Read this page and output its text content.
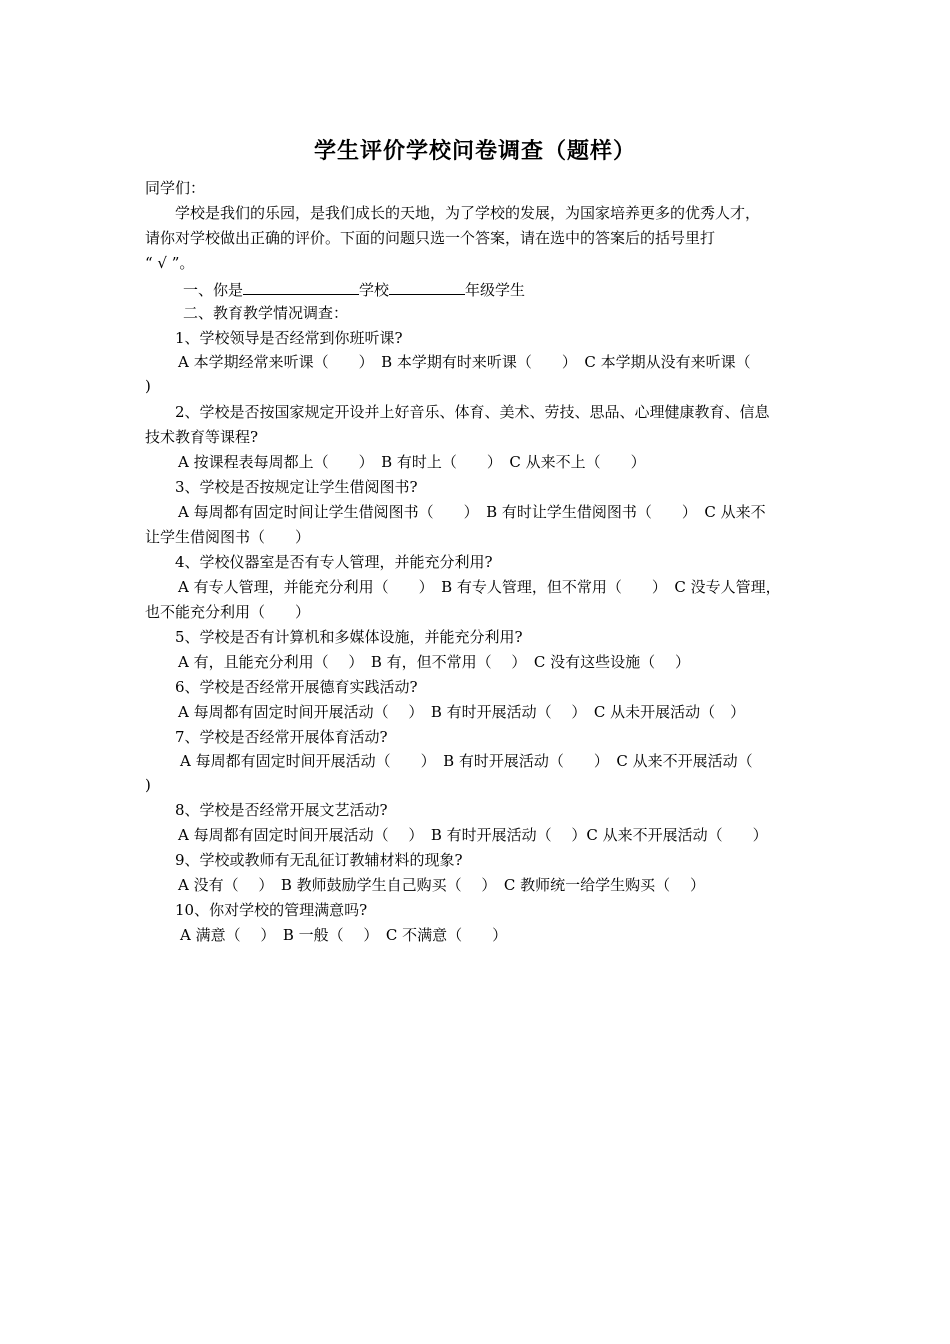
学生评价学校问卷调查（题样）
同学们：
学校是我们的乐园，是我们成长的天地，为了学校的发展，为国家培养更多的优秀人才，
请你对学校做出正确的评价。下面的问题只选一个答案，请在选中的答案后的括号里打
“ √ ”。
一、你是	学校	年级学生
二、教育教学情况调查：
1、学校领导是否经常到你班听课?
A 本学期经常来听课（　　）　B 本学期有时来听课（　　）　C 本学期从没有来听课（
)
2、学校是否按国家规定开设并上好音乐、体育、美术、劳技、思品、心理健康教育、信息
技术教育等课程?
A 按课程表每周都上（　　）　B 有时上（　　）　C 从来不上（　　）
3、学校是否按规定让学生借阅图书?
A 每周都有固定时间让学生借阅图书（　　）　B 有时让学生借阅图书（　　）　C 从来不
让学生借阅图书（　　）
4、学校仪器室是否有专人管理，并能充分利用?
A 有专人管理，并能充分利用（　　）　B 有专人管理，但不常用（　　）　C 没专人管理，
也不能充分利用（　　）
5、学校是否有计算机和多媒体设施，并能充分利用?
A 有，且能充分利用（　 ）　B 有，但不常用（　 ）　C 没有这些设施（　 ）
6、学校是否经常开展德育实践活动?
A 每周都有固定时间开展活动（　 ）　B 有时开展活动（　 ）　C 从未开展活动（　）
7、学校是否经常开展体育活动?
A 每周都有固定时间开展活动（　　）　B 有时开展活动（　　）　C 从来不开展活动（
)
8、学校是否经常开展文艺活动?
A 每周都有固定时间开展活动（　 ）　B 有时开展活动（　 ）C 从来不开展活动（　　）
9、学校或教师有无乱征订教辅材料的现象?
A 没有（　 ）　B 教师鼓励学生自己购买（　 ）　C 教师统一给学生购买（　 ）
10、你对学校的管理满意吗?
A 满意（　 ）　B 一般（　 ）　C 不满意（　　）
